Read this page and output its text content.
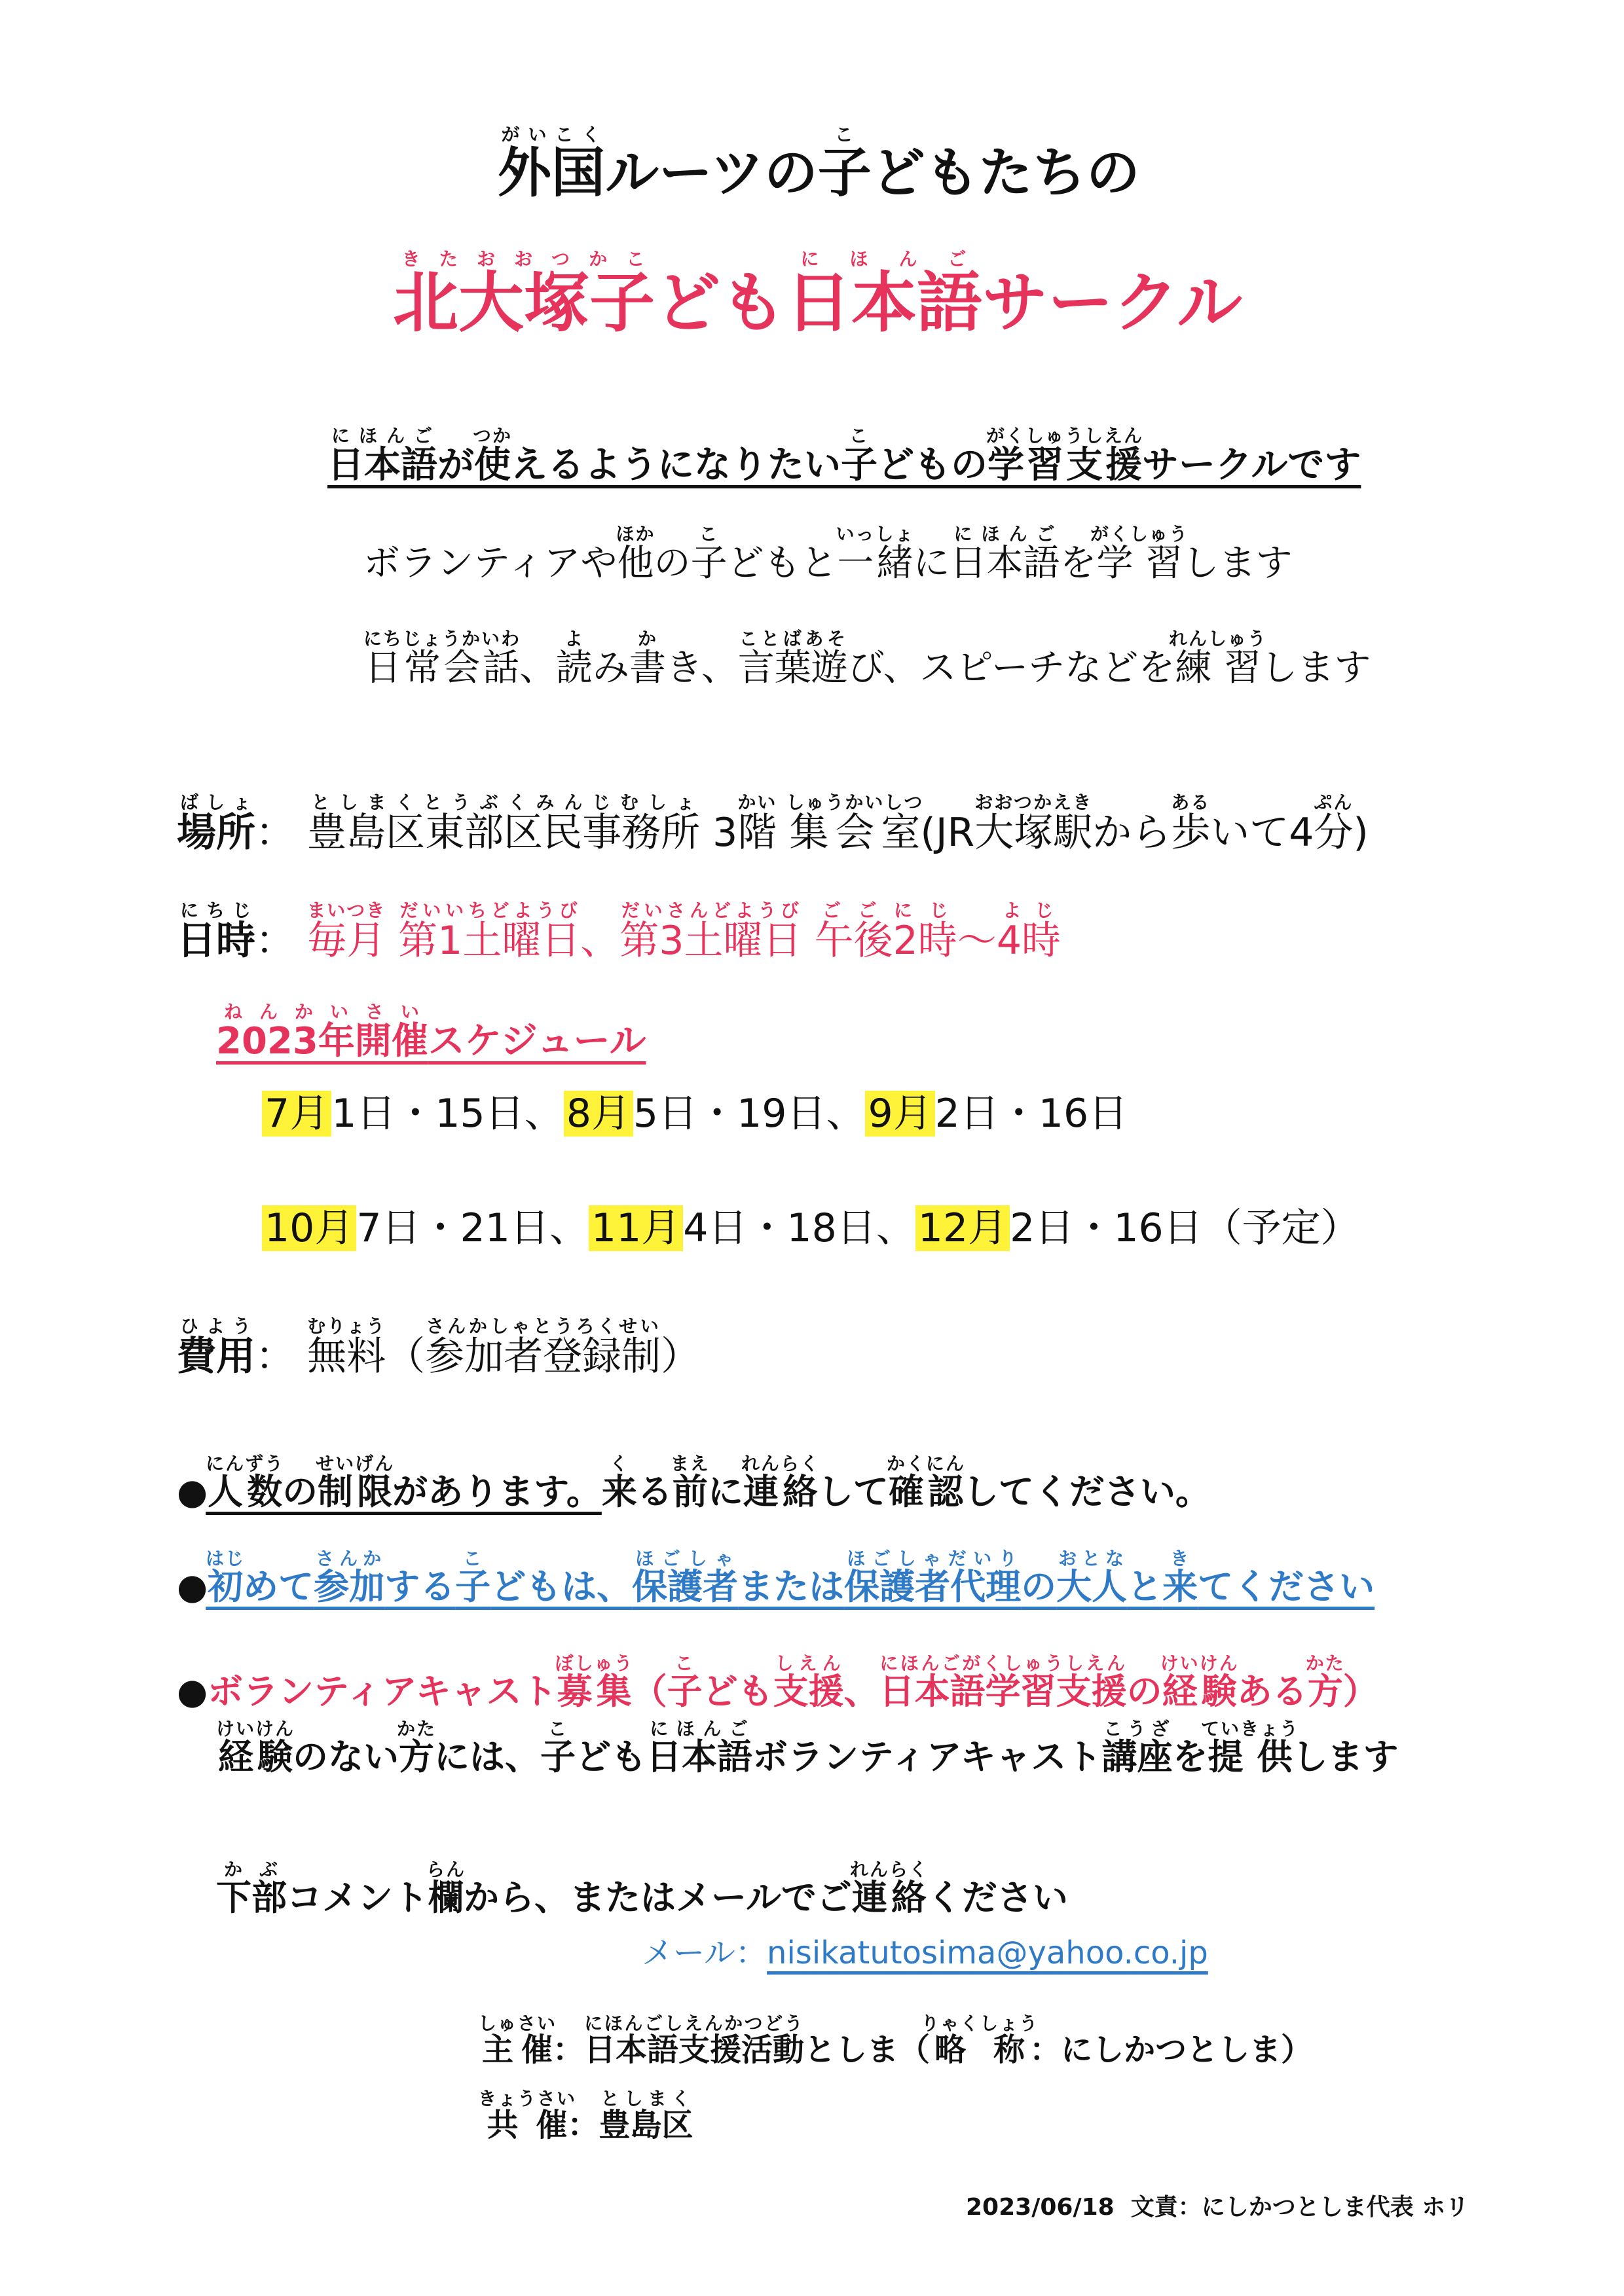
外国がいこくルーツの子こどもたちの
北大塚子きたおおつかこども日本語にほんごサークル
日本語にほんごが使つかえるようになりたい子こどもの学習支援がくしゅうしえんサークルです
ボランティアや他ほかの子こどもと一緒いっしょに日本語にほんごを学習がくしゅうします
日常会話にちじょうかいわ、読よみ書かき、言葉遊ことばあそび、スピーチなどを練習れんしゅうします
場所ばしょ： 豊島区東部区民事務所としまくとうぶくみんじむしょ 3階かい 集会室しゅうかいしつ(JR大塚駅おおつかえきから歩あるいて4分ぷん)
日時にちじ： 毎月まいつき 第1土曜日だいいちどようび、第3土曜日だいさんどようび 午後2時ごごにじ〜4時よじ
2023年開催ねんかいさいスケジュール
7月1日・15日、8月5日・19日、9月2日・16日
10月7日・21日、11月4日・18日、12月2日・16日（予定）
費用ひよう： 無料むりょう（参加者登録制さんかしゃとうろくせい）
●人数にんずうの制限せいげんがあります。来くる前まえに連絡れんらくして確認かくにんしてください。
●初はじめて参加さんかする子こどもは、保護者ほごしゃまたは保護者代理ほごしゃだいりの大人おとなと来きてください
●ボランティアキャスト募集ぼしゅう（子こども支援しえん、日本語学習支援にほんごがくしゅうしえんの経験けいけんある方かた）
経験けいけんのない方かたには、子こども日本語にほんごボランティアキャスト講座こうざを提供ていきょうします
下部かぶコメント欄らんから、またはメールでご連絡れんらくください
メール：nisikatutosima@yahoo.co.jp
主催しゅさい：日本語支援活動にほんごしえんかつどうとしま（略称りゃくしょう：にしかつとしま）
共催きょうさい：豊島区としまく
2023/06/18 文責：にしかつとしま代表 ホリ
